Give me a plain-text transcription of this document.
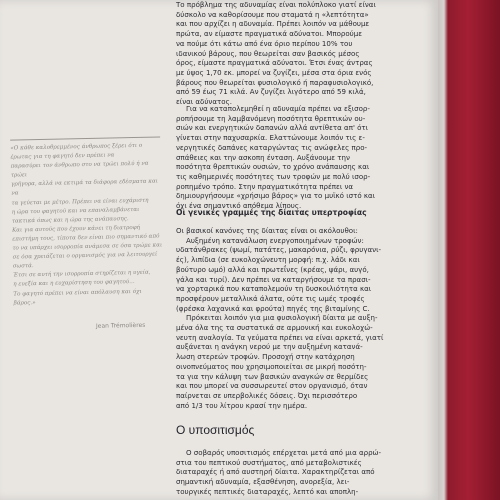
«Ο κάθε καλοθρεμμένος άνθρωπος ξέρει ότι ο έρωτας για τη φαγητό δεν πρέπει να
παρασύρει τον άνθρωπο στο να τρώει πολύ ή να τρώει
γρήγορα, αλλά να εκτιμά τα διάφορα εδέσματα και να
τα γεύεται με μέτρο. Πρέπει να είναι ευχάριστη
η ώρα του φαγητού και να επαναλαμβάνεται
τακτικά όπως και η ώρα της ανάπαυσης.
Και για αυτούς που έχουν κάνει τη διατροφή
επιστήμη τους, τίποτα δεν είναι πιο σημαντικό από
το να υπάρχει ισορροπία ανάμεσα σε όσα τρώμε και
σε όσα χρειάζεται ο οργανισμός για να λειτουργεί σωστά.
Έτσι σε αυτή την ισορροπία στηρίζεται η υγεία,
η ευεξία και η ευχαρίστηση του φαγητού...
Το φαγητό πρέπει να είναι απόλαυση και όχι βάρος.»
Jean Trémolières

Το πρόβλημα της αδυναμίας είναι πολύπλοκο γιατί είναι
δύσκολο να καθορίσουμε που σταματά η «λεπτότητα»
και που αρχίζει η αδυναμία. Πρέπει λοιπόν να μάθουμε
πρώτα, αν είμαστε πραγματικά αδύνατοι. Μπορούμε
να πούμε ότι κάτω από ένα όριο περίπου 10% του
ιδανικού βάρους, που θεωρείται σαν βασικός μέσος
όρος, είμαστε πραγματικά αδύνατοι. Έτσι ένας άντρας
με ύψος 1,70 εκ. μπορεί να ζυγίζει, μέσα στα όρια ενός
βάρους που θεωρείται φυσιολογικό ή παραφυσιολογικό,
από 59 έως 71 κιλά. Αν ζυγίζει λιγότερο από 59 κιλά,
είναι αδύνατος.

Για να καταπολεμηθεί η αδυναμία πρέπει να εξισορ-
ροπήσουμε τη λαμβανόμενη ποσότητα θρεπτικών ου-
σιών και ενεργητικών δαπανών αλλά αντίθετα απ' ότι
γίνεται στην παχυσαρκία. Ελαττώνουμε λοιπόν τις ε-
νεργητικές δαπάνες καταργώντας τις ανώφελες προ-
σπάθειες και την ασκοπη ένταση. Αυξάνουμε την
ποσότητα θρεπτικών ουσιών, το χρόνο ανάπαυσης και
τις καθημερινές ποσότητες των τροφών με πολύ ισορ-
ροπημένο τρόπο. Στην πραγματικότητα πρέπει να
δημιουργήσουμε «χρήσιμο βάρος» για το μυϊκό ιστό και
όχι ένα σημαντικό απόθεμα λίπους.

Οι γενικές γραμμές της δίαιτας υπερτροφίας

Οι βασικοί κανόνες της δίαιτας είναι οι ακόλουθοι:

Αυξημένη κατανάλωση ενεργοποιημένων τροφών:
υδατάνθρακες (ψωμί, πατάτες, μακαρόνια, ρύζι, φρυγανι-
ές), λιπίδια (σε ευκολοχώνευτη μορφή: π.χ. λάδι και
βούτυρο ωμό) αλλά και πρωτεΐνες (κρέας, ψάρι, αυγό,
γάλα και τυρί). Δεν πρέπει να καταργήσουμε τα πρασι-
να χορταρικά που καταπολεμούν τη δυσκοιλιότητα και
προσφέρουν μεταλλικά άλατα, ούτε τις ωμές τροφές
(φρέσκα λαχανικά και φρούτα) πηγές της βιταμίνης C.

Πρόκειται λοιπόν για μια φυσιολογική δίαιτα με αυξη-
μένα όλα της τα συστατικά σε αρμονική και ευκολοχώ-
νευτη αναλογία. Τα γεύματα πρέπει να είναι αρκετά, γιατί
αυξάνεται η ανάγκη νερού με την αυξημένη κατανά-
λωση στερεών τροφών. Προσοχή στην κατάχρηση
οινοπνεύματος που χρησιμοποιείται σε μικρή ποσότη-
τα για την κάλυψη των βασικών αναγκών σε θερμίδες
και που μπορεί να συσσωρευτεί στον οργανισμό, όταν
παίρνεται σε υπερβολικές δόσεις. Όχι περισσότερο
από 1/3 του λίτρου κρασί την ημέρα.

Ο υποσιτισμός

Ο σοβαρός υποσιτισμός επέρχεται μετά από μια αρρώ-
στια του πεπτικού συστήματος, από μεταβολιστικές
διαταραχές ή από αυστηρή δίαιτα. Χαρακτηρίζεται από
σημαντική αδυναμία, εξασθένηση, ανορεξία, λει-
τουργικές πεπτικές διαταραχές, λεπτό και αποπλη-
